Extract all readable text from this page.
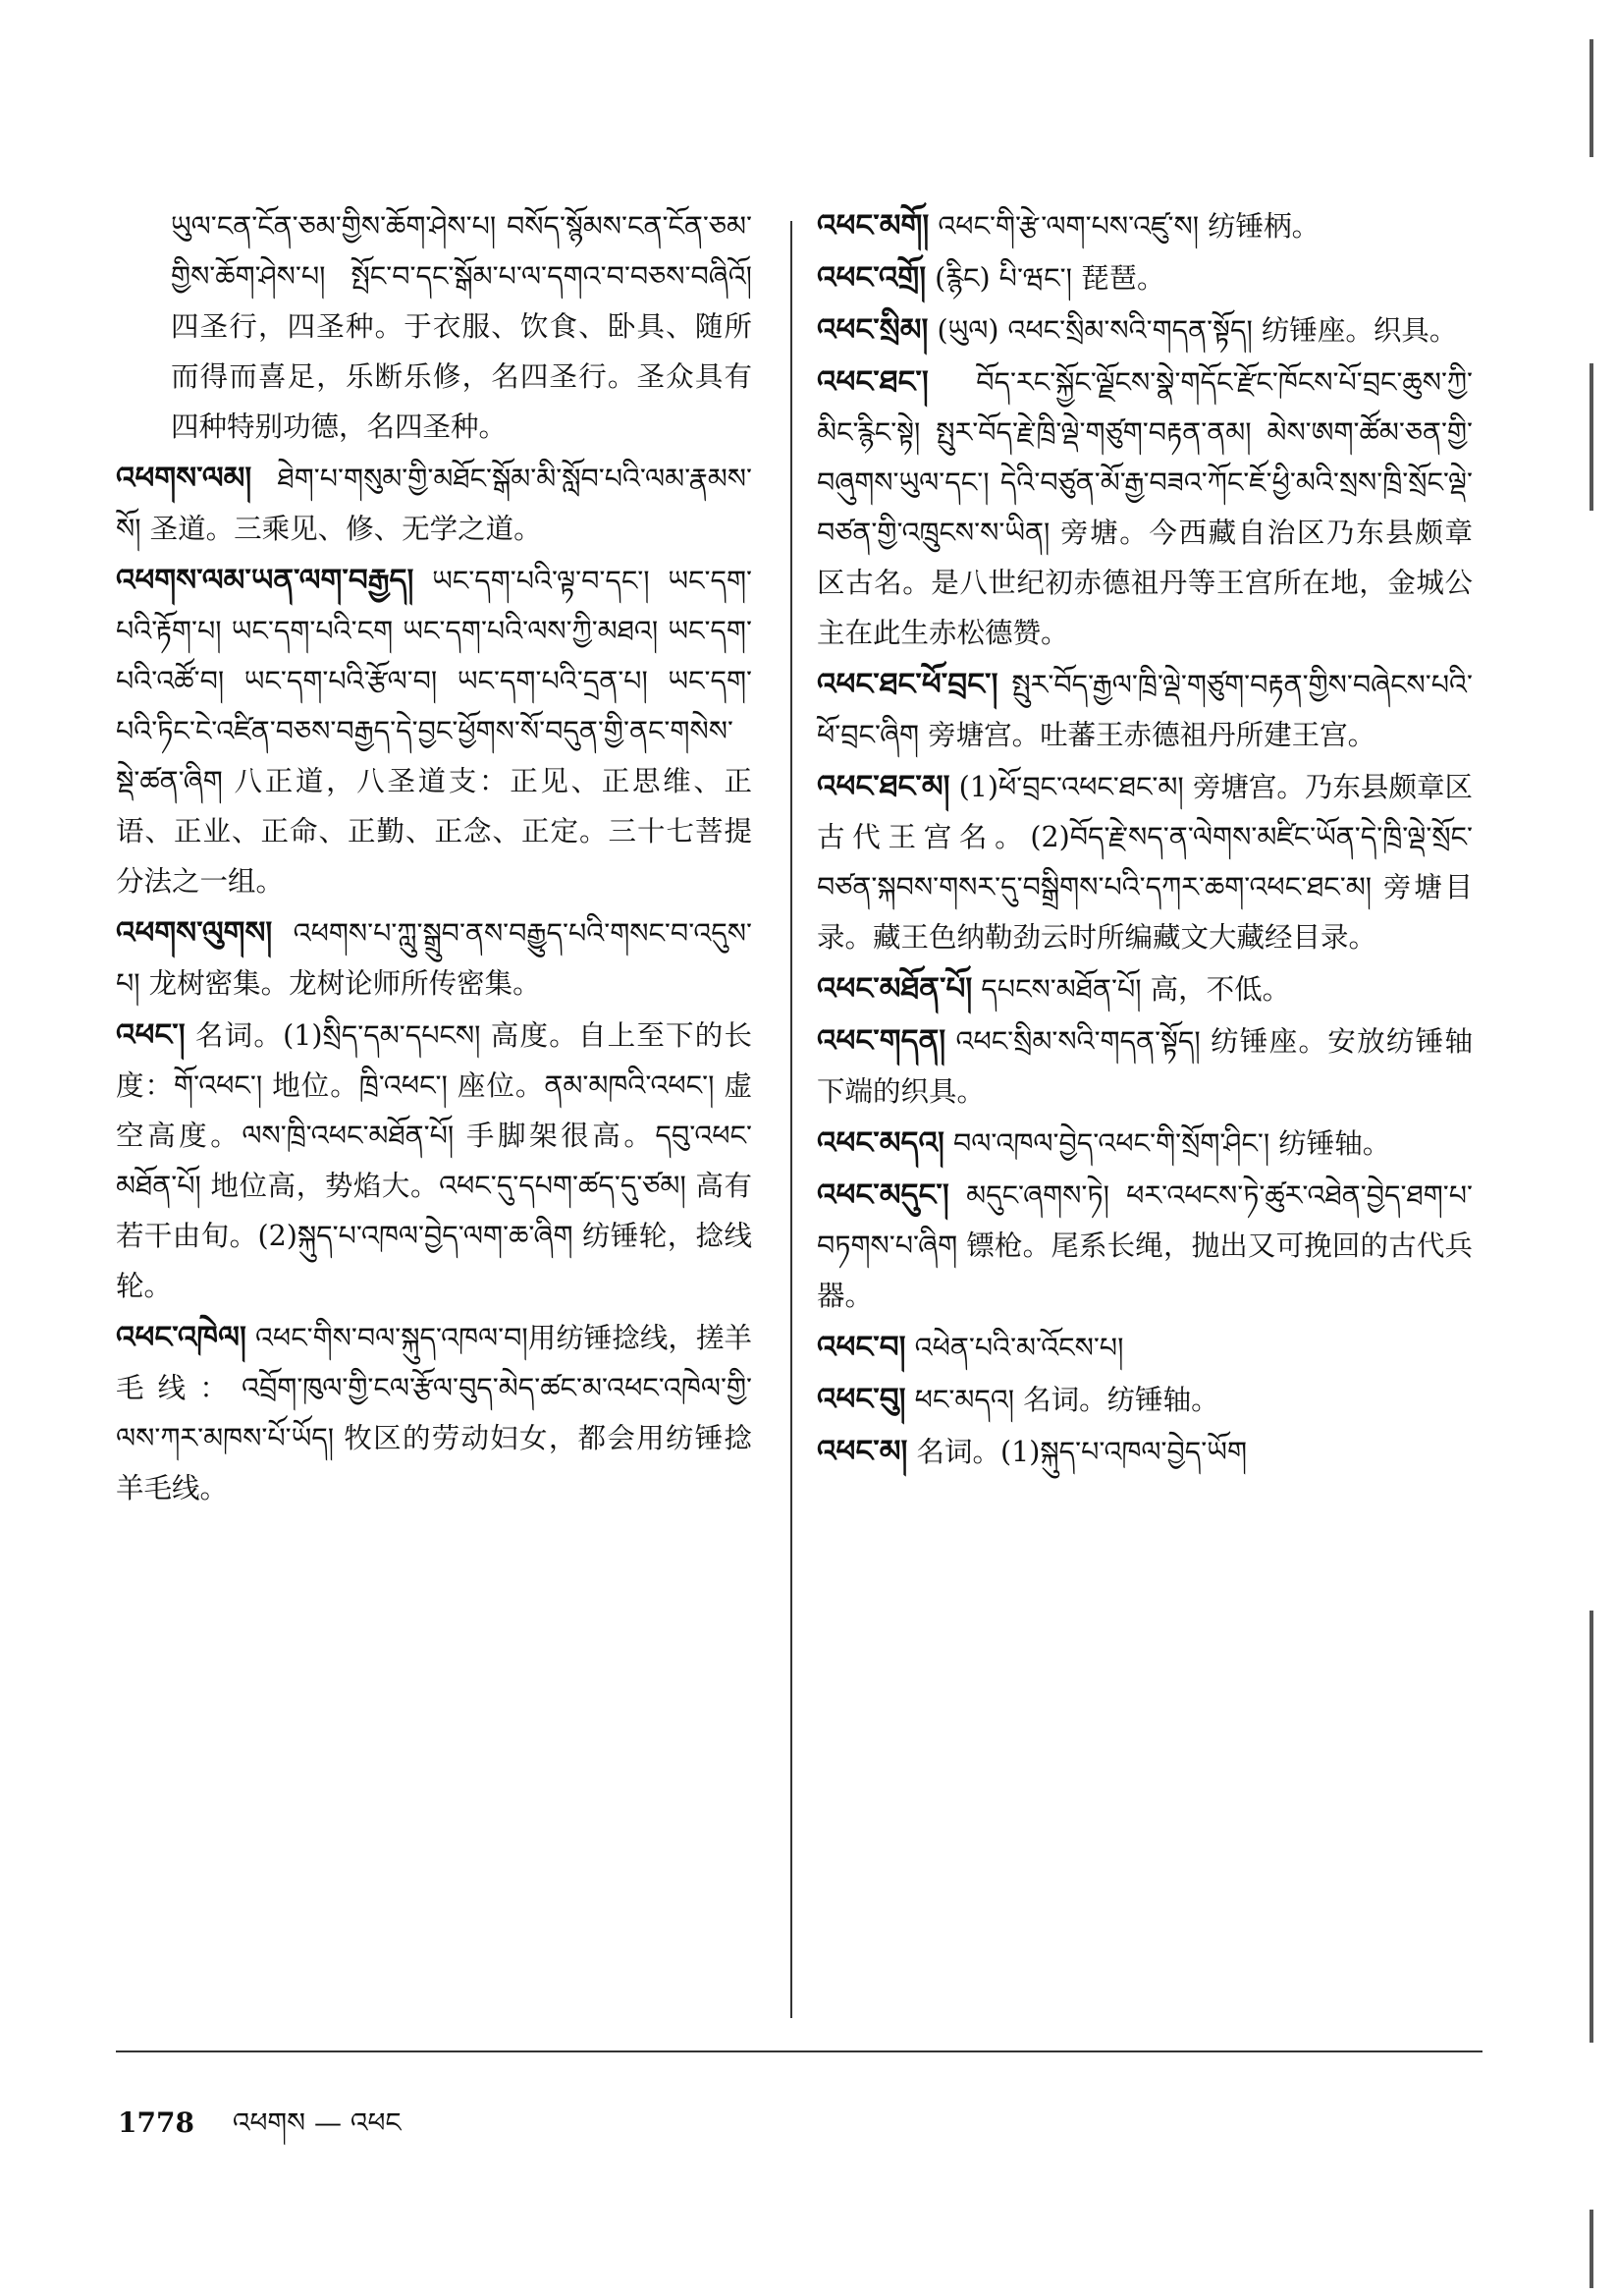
ཡུལ་ངན་ངོན་ཅམ་གྱིས་ཆོག་ཤེས་པ། བསོད་སྙོམས་ངན་ངོན་ཅམ་གྱིས་ཆོག་ཤེས་པ། སྤོང་བ་དང་སྒོམ་པ་ལ་དགའ་བ་བཅས་བཞིའོ། 四圣行，四圣种。于衣服、饮食、卧具、随所而得而喜足，乐断乐修，名四圣行。圣众具有四种特别功德，名四圣种。
འཕགས་ལམ། ཐེག་པ་གསུམ་གྱི་མཐོང་སྒོམ་མི་སློབ་པའི་ལམ་རྣམས་སོ། 圣道。三乘见、修、无学之道。
འཕགས་ལམ་ཡན་ལག་བརྒྱད། ཡང་དག་པའི་ལྟ་བ་དང་། ཡང་དག་པའི་རྟོག་པ། ཡང་དག་པའི་ངག ཡང་དག་པའི་ལས་ཀྱི་མཐའ། ཡང་དག་པའི་འཚོ་བ། ཡང་དག་པའི་རྩོལ་བ། ཡང་དག་པའི་དྲན་པ། ཡང་དག་པའི་ཏིང་ངེ་འཛིན་བཅས་བརྒྱད་དེ་བྱང་ཕྱོགས་སོ་བདུན་གྱི་ནང་གསེས་སྡེ་ཚན་ཞིག 八正道，八圣道支：正见、正思维、正语、正业、正命、正勤、正念、正定。三十七菩提分法之一组。
འཕགས་ལུགས། འཕགས་པ་ཀླུ་སྒྲུབ་ནས་བརྒྱུད་པའི་གསང་བ་འདུས་པ། 龙树密集。龙树论师所传密集。
འཕང་། 名词。(1)སྲིད་དམ་དཔངས། 高度。自上至下的长度：གོ་འཕང་། 地位。ཁྲི་འཕང་། 座位。ནམ་མཁའི་འཕང་། 虚空高度。ལས་ཁྲི་འཕང་མཐོན་པོ། 手脚架很高。དབུ་འཕང་མཐོན་པོ། 地位高，势焰大。འཕང་དུ་དཔག་ཚད་དུ་ཙམ། 高有若干由旬。(2)སྐུད་པ་འཁལ་བྱེད་ལག་ཆ་ཞིག 纺锤轮，捻线轮。
འཕང་འཁེལ། འཕང་གིས་བལ་སྐུད་འཁལ་བ།用纺锤捻线，搓羊毛线：འབྲོག་ཁུལ་གྱི་ངལ་རྩོལ་བུད་མེད་ཚང་མ་འཕང་འཁེལ་གྱི་ལས་ཀར་མཁས་པོ་ཡོད། 牧区的劳动妇女，都会用纺锤捻羊毛线。
འཕང་མགོ། འཕང་གི་རྩེ་ལག་པས་འཛུ་ས། 纺锤柄。
འཕང་འགྲོ། (རྙིང) པི་ཝང་། 琵琶。
འཕང་སྲིམ། (ཡུལ) འཕང་སྲིམ་སའི་གདན་སྟོད། 纺锤座。织具。
འཕང་ཐང་། བོད་རང་སྐྱོང་ལྗོངས་སྣེ་གདོང་རྫོང་ཁོངས་པོ་བྲང་ཆུས་ཀྱི་མིང་རྙིང་སྟེ། སྤུར་བོད་རྗེ་ཁྲི་ལྡེ་གཙུག་བརྟན་ནམ། མེས་ཨག་ཚོམ་ཅན་གྱི་བཞུགས་ཡུལ་དང་། དེའི་བཙུན་མོ་རྒྱ་བཟའ་ཀོང་ཇོ་ཕྱི་མའི་སྲས་ཁྲི་སྲོང་ལྡེ་བཙན་གྱི་འཁྲུངས་ས་ཡིན། 旁塘。今西藏自治区乃东县颇章区古名。是八世纪初赤德祖丹等王宫所在地，金城公主在此生赤松德赞。
འཕང་ཐང་ཕོ་བྲང་། སྤུར་བོད་རྒྱལ་ཁྲི་ལྡེ་གཙུག་བརྟན་གྱིས་བཞེངས་པའི་ཕོ་བྲང་ཞིག 旁塘宫。吐蕃王赤德祖丹所建王宫。
འཕང་ཐང་མ། (1)ཕོ་བྲང་འཕང་ཐང་མ། 旁塘宫。乃东县颇章区古代王宫名。(2)བོད་རྗེ་སད་ན་ལེགས་མཛིང་ཡོན་དེ་ཁྲི་ལྡེ་སྲོང་བཙན་སྐབས་གསར་དུ་བསྒྲིགས་པའི་དཀར་ཆག་འཕང་ཐང་མ། 旁塘目录。藏王色纳勒劲云时所编藏文大藏经目录。
འཕང་མཐོན་པོ། དཔངས་མཐོན་པོ། 高，不低。
འཕང་གདན། འཕང་སྲིམ་སའི་གདན་སྟོད། 纺锤座。安放纺锤轴下端的织具。
འཕང་མདའ། བལ་འཁལ་བྱེད་འཕང་གི་སྲོག་ཤིང་། 纺锤轴。
འཕང་མདུང་། མདུང་ཞགས་ཏེ། ཕར་འཕངས་ཏེ་ཚུར་འཐེན་བྱེད་ཐག་པ་བཏགས་པ་ཞིག 镖枪。尾系长绳，抛出又可挽回的古代兵器。
འཕང་བ། འཕེན་པའི་མ་འོངས་པ།
འཕང་བུ། ཕང་མདའ། 名词。纺锤轴。
འཕང་མ། 名词。(1)སྐུད་པ་འཁལ་བྱེད་ཡོག
1778 འཕགས — འཕང
